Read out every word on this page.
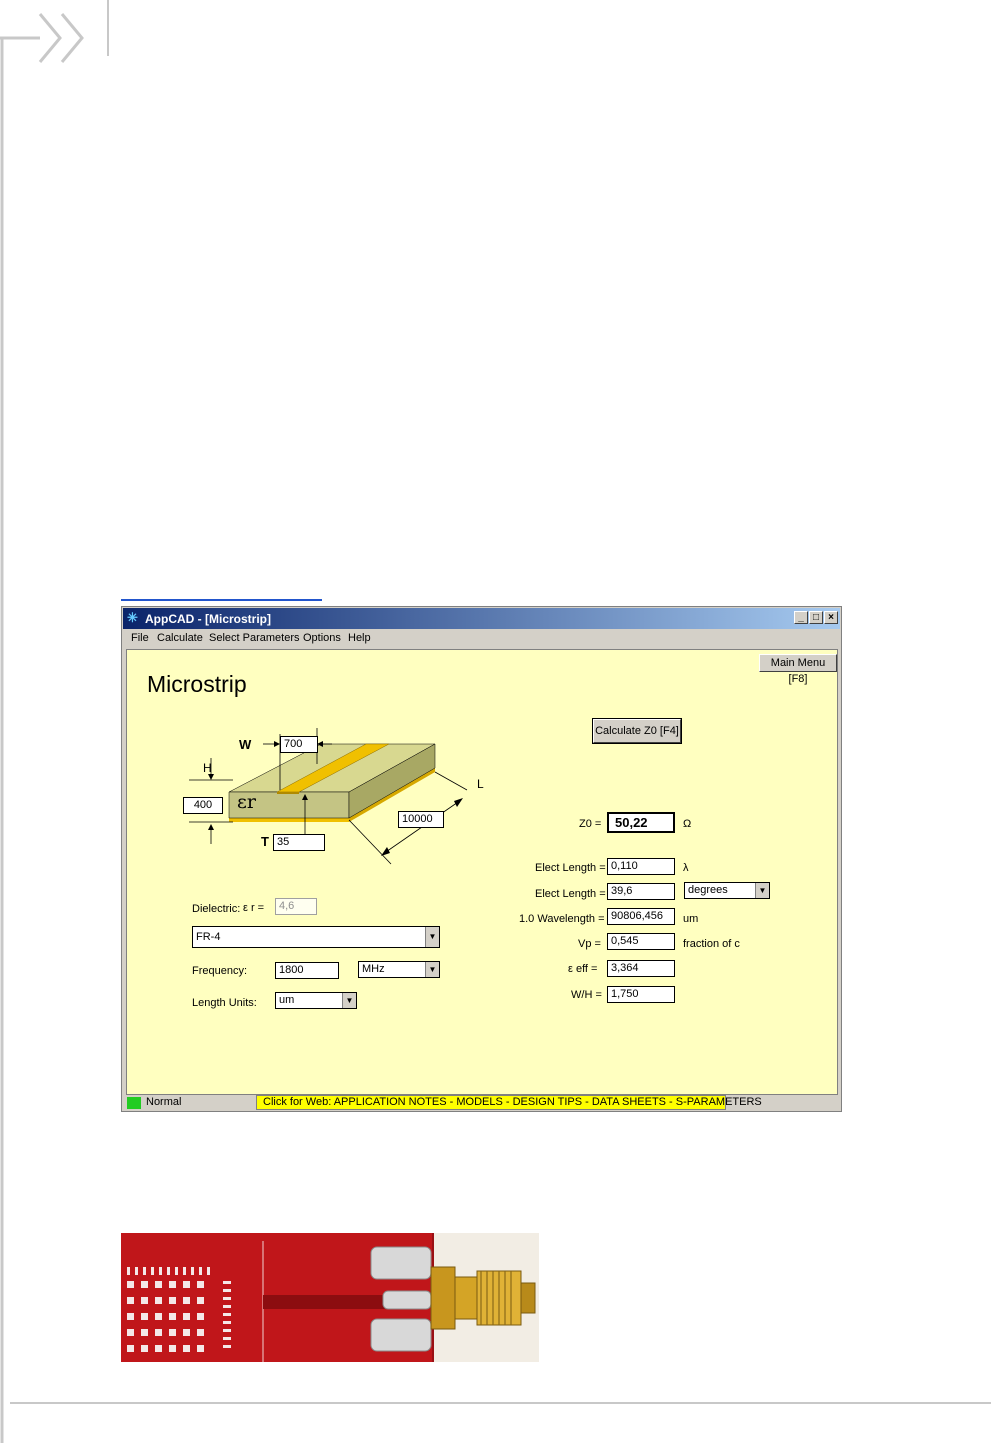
✳ AppCAD - [Microstrip]	_ □ ×
File Calculate Select Parameters Options Help
Main Menu [F8]
Microstrip
W	700
H
400	εr
T 35
L
10000
Dielectric: ε r =	4,6
FR-4	▼
Frequency:	1800	MHz	▼
Length Units:	um	▼
Calculate Z0 [F4]
Z0 =	50,22	Ω
Elect Length = 0,110	λ
Elect Length = 39,6	degrees	▼
1.0 Wavelength = 90806,456	um
Vp = 0,545	fraction of c
ε eff =	3,364
W/H = 1,750
Normal	Click for Web: APPLICATION NOTES - MODELS - DESIGN TIPS - DATA SHEETS - S-PARAMETERS
